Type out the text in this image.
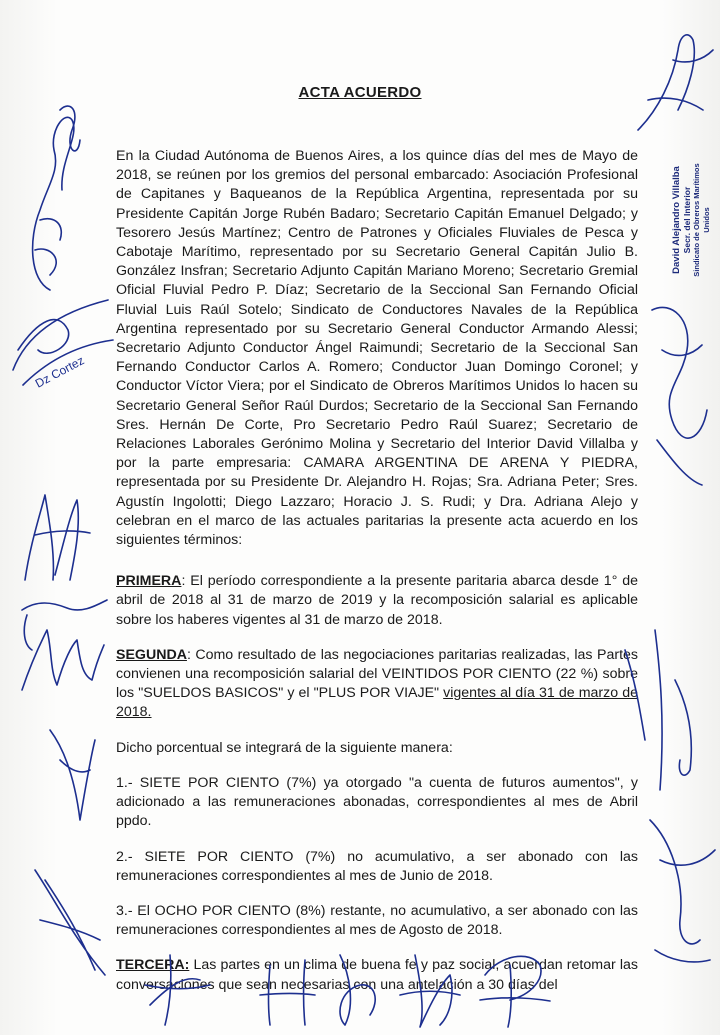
ACTA ACUERDO

En la Ciudad Autónoma de Buenos Aires, a los quince días del mes de Mayo de 2018, se reúnen por los gremios del personal embarcado: Asociación Profesional de Capitanes y Baqueanos de la República Argentina, representada por su Presidente Capitán Jorge Rubén Badaro; Secretario Capitán Emanuel Delgado; y Tesorero Jesús Martínez; Centro de Patrones y Oficiales Fluviales de Pesca y Cabotaje Marítimo, representado por su Secretario General Capitán Julio B. González Insfran; Secretario Adjunto Capitán Mariano Moreno; Secretario Gremial Oficial Fluvial Pedro P. Díaz; Secretario de la Seccional San Fernando Oficial Fluvial Luis Raúl Sotelo; Sindicato de Conductores Navales de la República Argentina representado por su Secretario General Conductor Armando Alessi; Secretario Adjunto Conductor Ángel Raimundi; Secretario de la Seccional San Fernando Conductor Carlos A. Romero; Conductor Juan Domingo Coronel; y Conductor Víctor Viera; por el Sindicato de Obreros Marítimos Unidos lo hacen su Secretario General Señor Raúl Durdos; Secretario de la Seccional San Fernando Sres. Hernán De Corte, Pro Secretario Pedro Raúl Suarez; Secretario de Relaciones Laborales Gerónimo Molina y Secretario del Interior David Villalba y por la parte empresaria: CAMARA ARGENTINA DE ARENA Y PIEDRA, representada por su Presidente Dr. Alejandro H. Rojas; Sra. Adriana Peter; Sres. Agustín Ingolotti; Diego Lazzaro; Horacio J. S. Rudi; y Dra. Adriana Alejo y celebran en el marco de las actuales paritarias la presente acta acuerdo en los siguientes términos:

PRIMERA: El período correspondiente a la presente paritaria abarca desde 1° de abril de 2018 al 31 de marzo de 2019 y la recomposición salarial es aplicable sobre los haberes vigentes al 31 de marzo de 2018.

SEGUNDA: Como resultado de las negociaciones paritarias realizadas, las Partes convienen una recomposición salarial del VEINTIDOS POR CIENTO (22 %) sobre los "SUELDOS BASICOS" y el "PLUS POR VIAJE" vigentes al día 31 de marzo de 2018.

Dicho porcentual se integrará de la siguiente manera:

1.- SIETE POR CIENTO (7%) ya otorgado "a cuenta de futuros aumentos", y adicionado a las remuneraciones abonadas, correspondientes al mes de Abril ppdo.

2.- SIETE POR CIENTO (7%) no acumulativo, a ser abonado con las remuneraciones correspondientes al mes de Junio de 2018.

3.- El OCHO POR CIENTO (8%) restante, no acumulativo, a ser abonado con las remuneraciones correspondientes al mes de Agosto de 2018.

TERCERA: Las partes en un clima de buena fe y paz social, acuerdan retomar las conversaciones que sean necesarias con una antelación a 30 días del

David Alejandro Villalba Secr. del Interior Sindicato de Obreros Marítimos Unidos
Dz Cortez
